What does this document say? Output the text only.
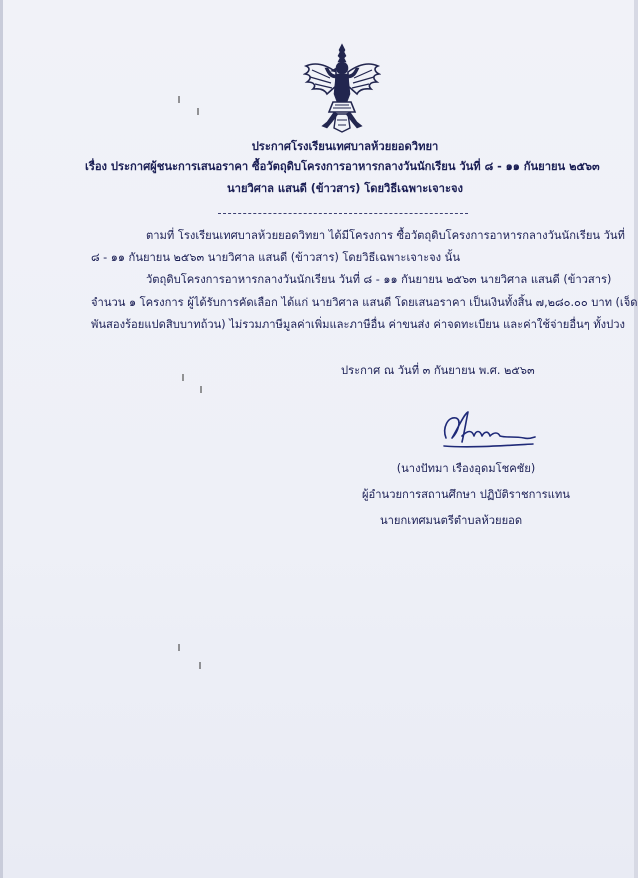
ประกาศโรงเรียนเทศบาลห้วยยอดวิทยา
เรื่อง ประกาศผู้ชนะการเสนอราคา ซื้อวัตถุดิบโครงการอาหารกลางวันนักเรียน วันที่ ๘ - ๑๑ กันยายน ๒๕๖๓
นายวิศาล แสนดี (ข้าวสาร) โดยวิธีเฉพาะเจาะจง
ตามที่ โรงเรียนเทศบาลห้วยยอดวิทยา ได้มีโครงการ ซื้อวัตถุดิบโครงการอาหารกลางวันนักเรียน วันที่
๘ - ๑๑ กันยายน ๒๕๖๓ นายวิศาล แสนดี (ข้าวสาร) โดยวิธีเฉพาะเจาะจง นั้น
วัตถุดิบโครงการอาหารกลางวันนักเรียน วันที่ ๘ - ๑๑ กันยายน ๒๕๖๓ นายวิศาล แสนดี (ข้าวสาร)
จำนวน ๑ โครงการ ผู้ได้รับการคัดเลือก ได้แก่ นายวิศาล แสนดี โดยเสนอราคา เป็นเงินทั้งสิ้น ๗,๒๘๐.๐๐ บาท (เจ็ด
พันสองร้อยแปดสิบบาทถ้วน) ไม่รวมภาษีมูลค่าเพิ่มและภาษีอื่น ค่าขนส่ง ค่าจดทะเบียน และค่าใช้จ่ายอื่นๆ ทั้งปวง
ประกาศ ณ วันที่ ๓ กันยายน พ.ศ. ๒๕๖๓
(นางปัทมา เรืองอุดมโชคชัย)
ผู้อำนวยการสถานศึกษา ปฏิบัติราชการแทน
นายกเทศมนตรีตำบลห้วยยอด
